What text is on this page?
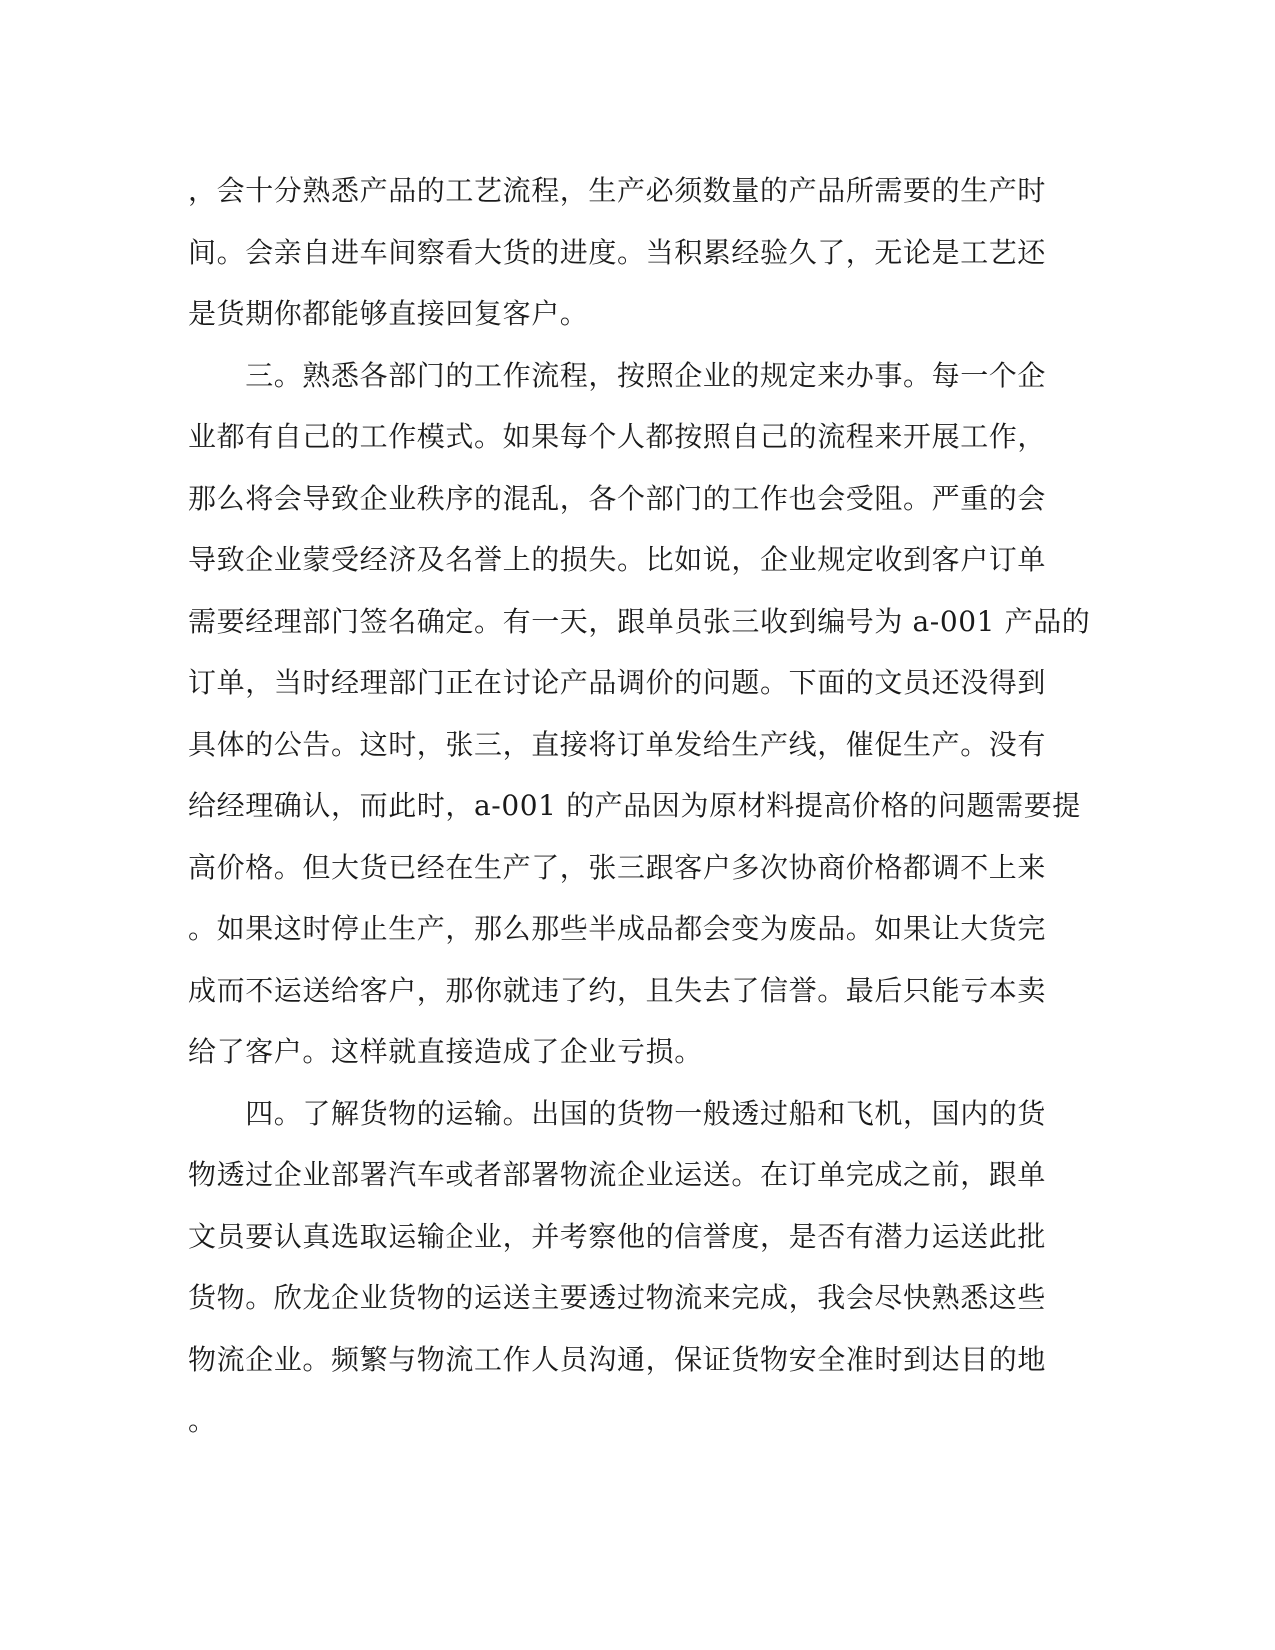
，会十分熟悉产品的工艺流程，生产必须数量的产品所需要的生产时
间。会亲自进车间察看大货的进度。当积累经验久了，无论是工艺还
是货期你都能够直接回复客户。
　　三。熟悉各部门的工作流程，按照企业的规定来办事。每一个企
业都有自己的工作模式。如果每个人都按照自己的流程来开展工作，
那么将会导致企业秩序的混乱，各个部门的工作也会受阻。严重的会
导致企业蒙受经济及名誉上的损失。比如说，企业规定收到客户订单
需要经理部门签名确定。有一天，跟单员张三收到编号为 a-001 产品的
订单，当时经理部门正在讨论产品调价的问题。下面的文员还没得到
具体的公告。这时，张三，直接将订单发给生产线，催促生产。没有
给经理确认，而此时，a-001 的产品因为原材料提高价格的问题需要提
高价格。但大货已经在生产了，张三跟客户多次协商价格都调不上来
。如果这时停止生产，那么那些半成品都会变为废品。如果让大货完
成而不运送给客户，那你就违了约，且失去了信誉。最后只能亏本卖
给了客户。这样就直接造成了企业亏损。
　　四。了解货物的运输。出国的货物一般透过船和飞机，国内的货
物透过企业部署汽车或者部署物流企业运送。在订单完成之前，跟单
文员要认真选取运输企业，并考察他的信誉度，是否有潜力运送此批
货物。欣龙企业货物的运送主要透过物流来完成，我会尽快熟悉这些
物流企业。频繁与物流工作人员沟通，保证货物安全准时到达目的地
。
